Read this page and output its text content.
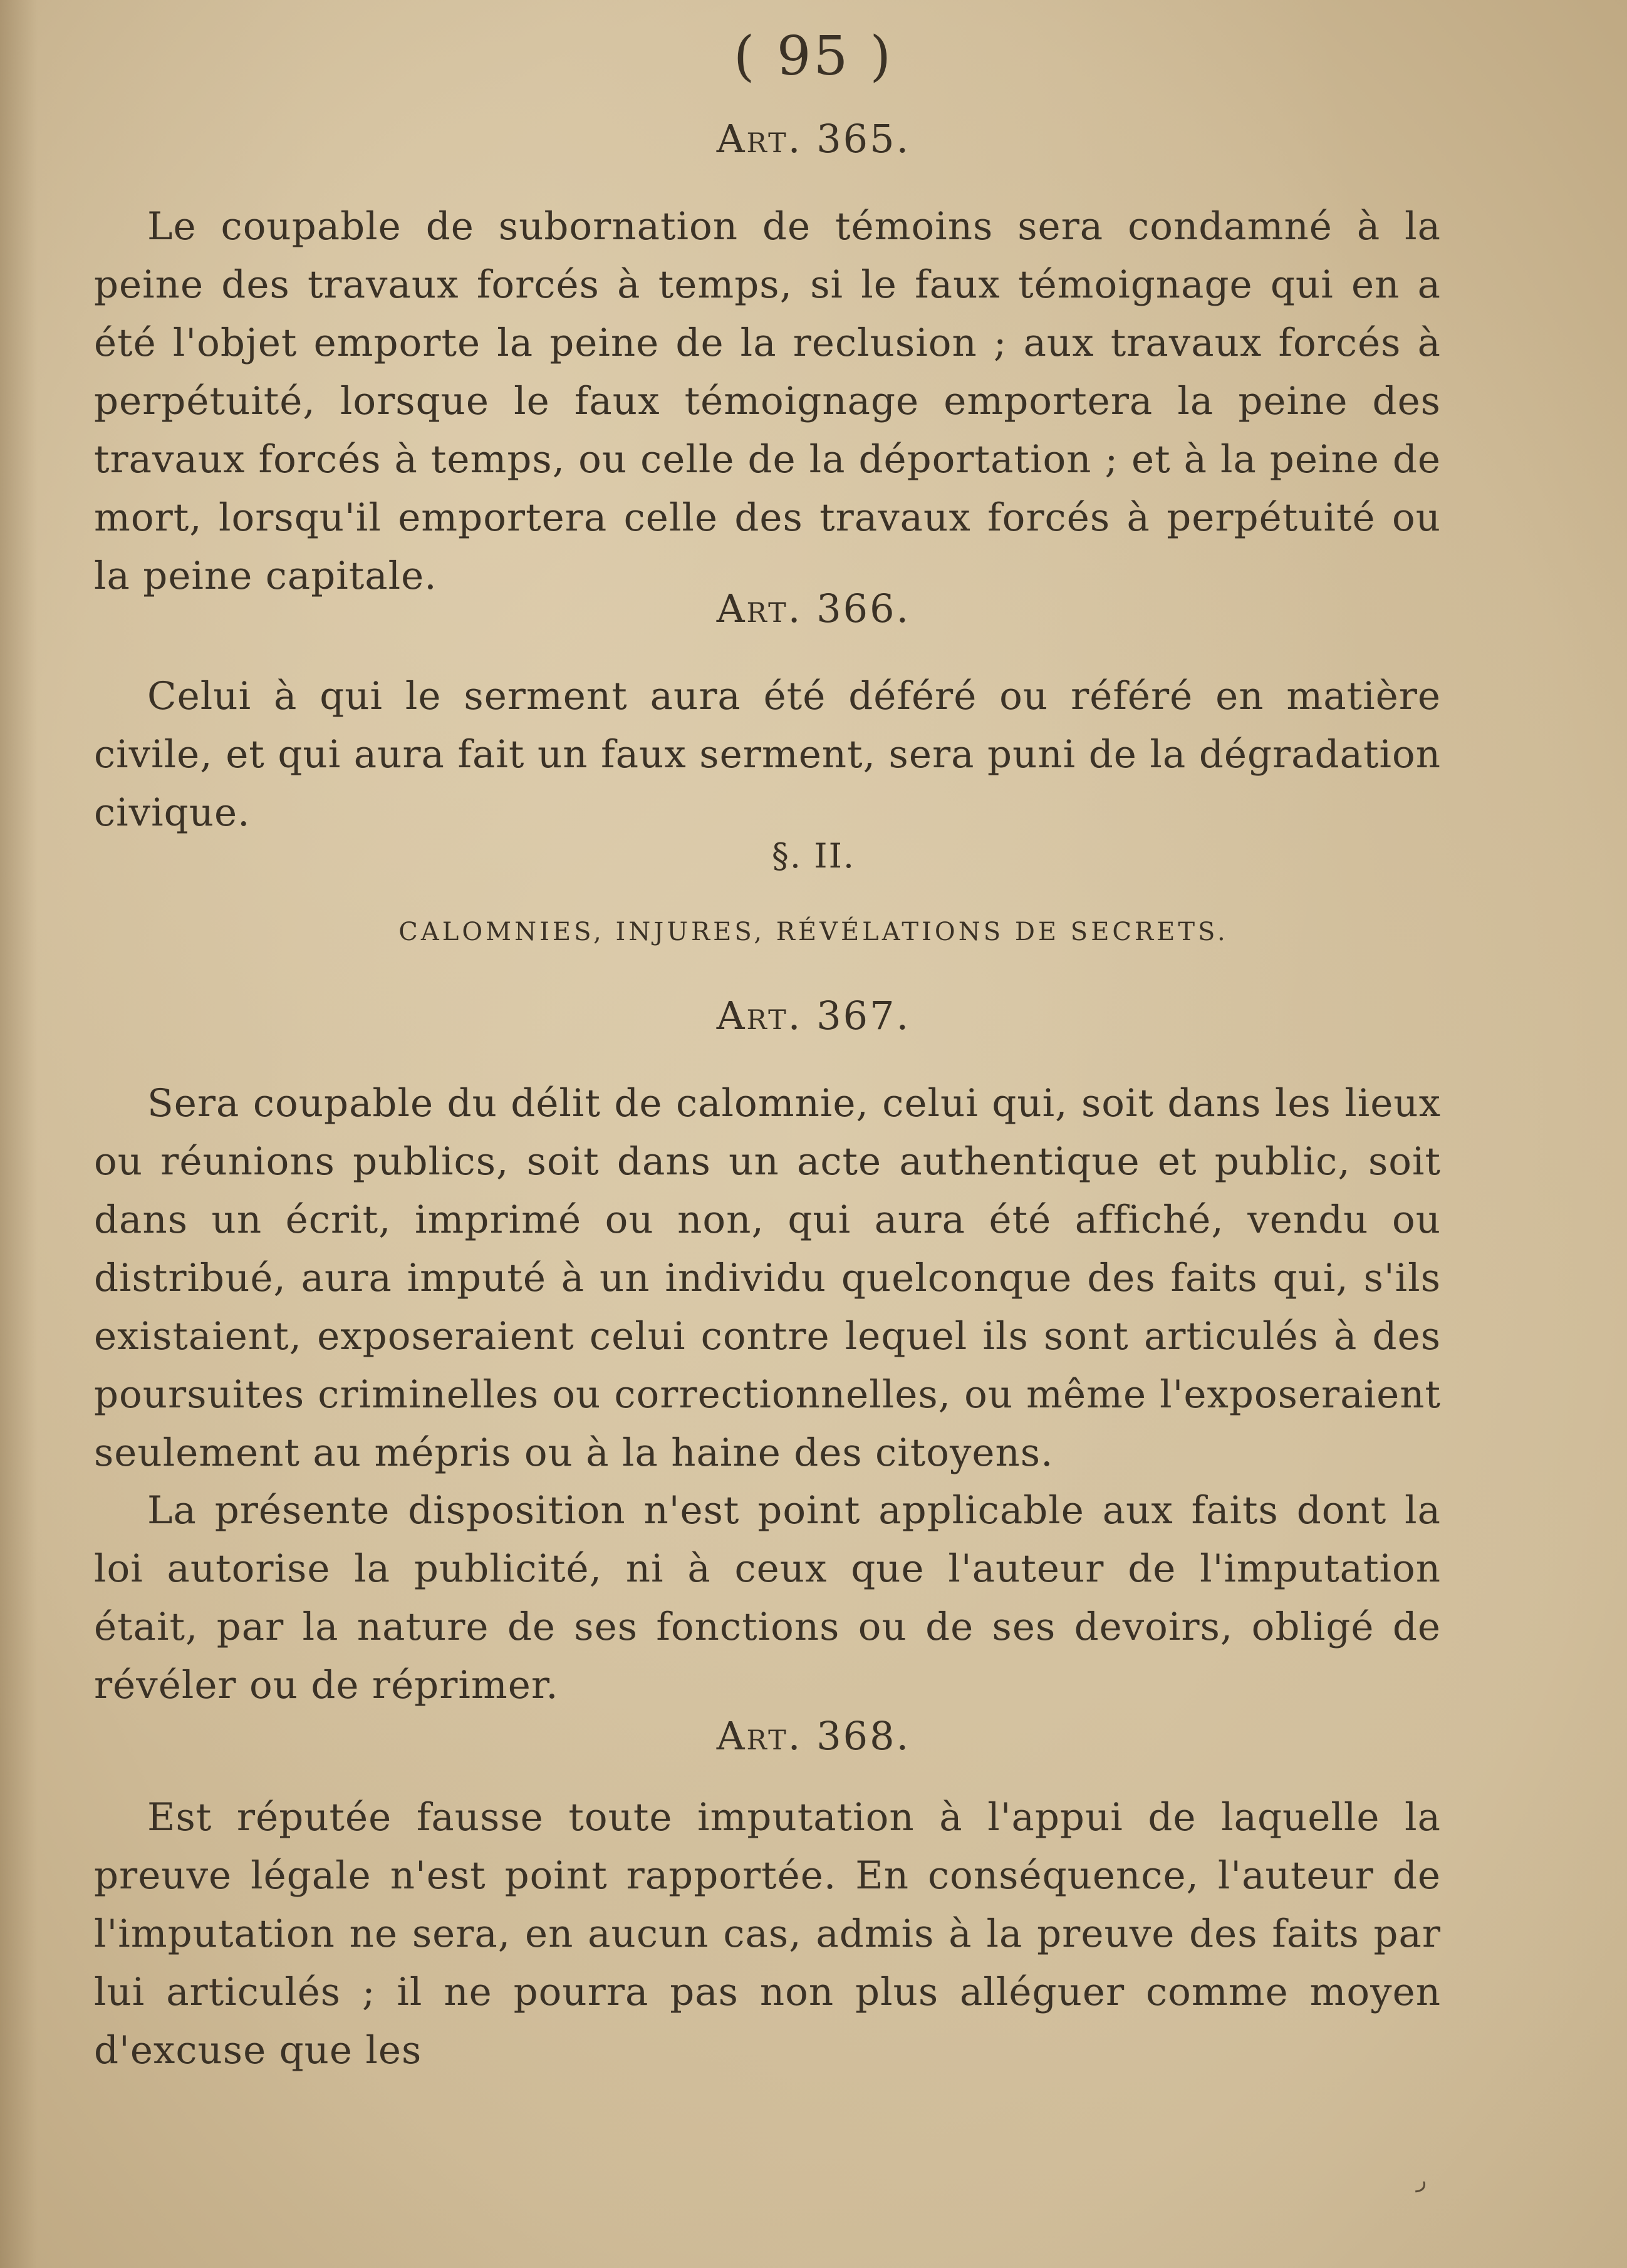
( 95 )
Art. 365.

Le coupable de subornation de témoins sera condamné à la peine des travaux forcés à temps, si le faux témoignage qui en a été l'objet emporte la peine de la reclusion ; aux travaux forcés à perpétuité, lorsque le faux témoignage emportera la peine des travaux forcés à temps, ou celle de la déportation ; et à la peine de mort, lorsqu'il emportera celle des travaux forcés à perpétuité ou la peine capitale.

Art. 366.

Celui à qui le serment aura été déféré ou référé en matière civile, et qui aura fait un faux serment, sera puni de la dégradation civique.

§. II.
CALOMNIES, INJURES, RÉVÉLATIONS DE SECRETS.
Art. 367.

Sera coupable du délit de calomnie, celui qui, soit dans les lieux ou réunions publics, soit dans un acte authentique et public, soit dans un écrit, imprimé ou non, qui aura été affiché, vendu ou distribué, aura imputé à un individu quelconque des faits qui, s'ils existaient, exposeraient celui contre lequel ils sont articulés à des poursuites criminelles ou correctionnelles, ou même l'exposeraient seulement au mépris ou à la haine des citoyens.

La présente disposition n'est point applicable aux faits dont la loi autorise la publicité, ni à ceux que l'auteur de l'imputation était, par la nature de ses fonctions ou de ses devoirs, obligé de révéler ou de réprimer.

Art. 368.

Est réputée fausse toute imputation à l'appui de laquelle la preuve légale n'est point rapportée. En conséquence, l'auteur de l'imputation ne sera, en aucun cas, admis à la preuve des faits par lui articulés ; il ne pourra pas non plus alléguer comme moyen d'excuse que les

ر
